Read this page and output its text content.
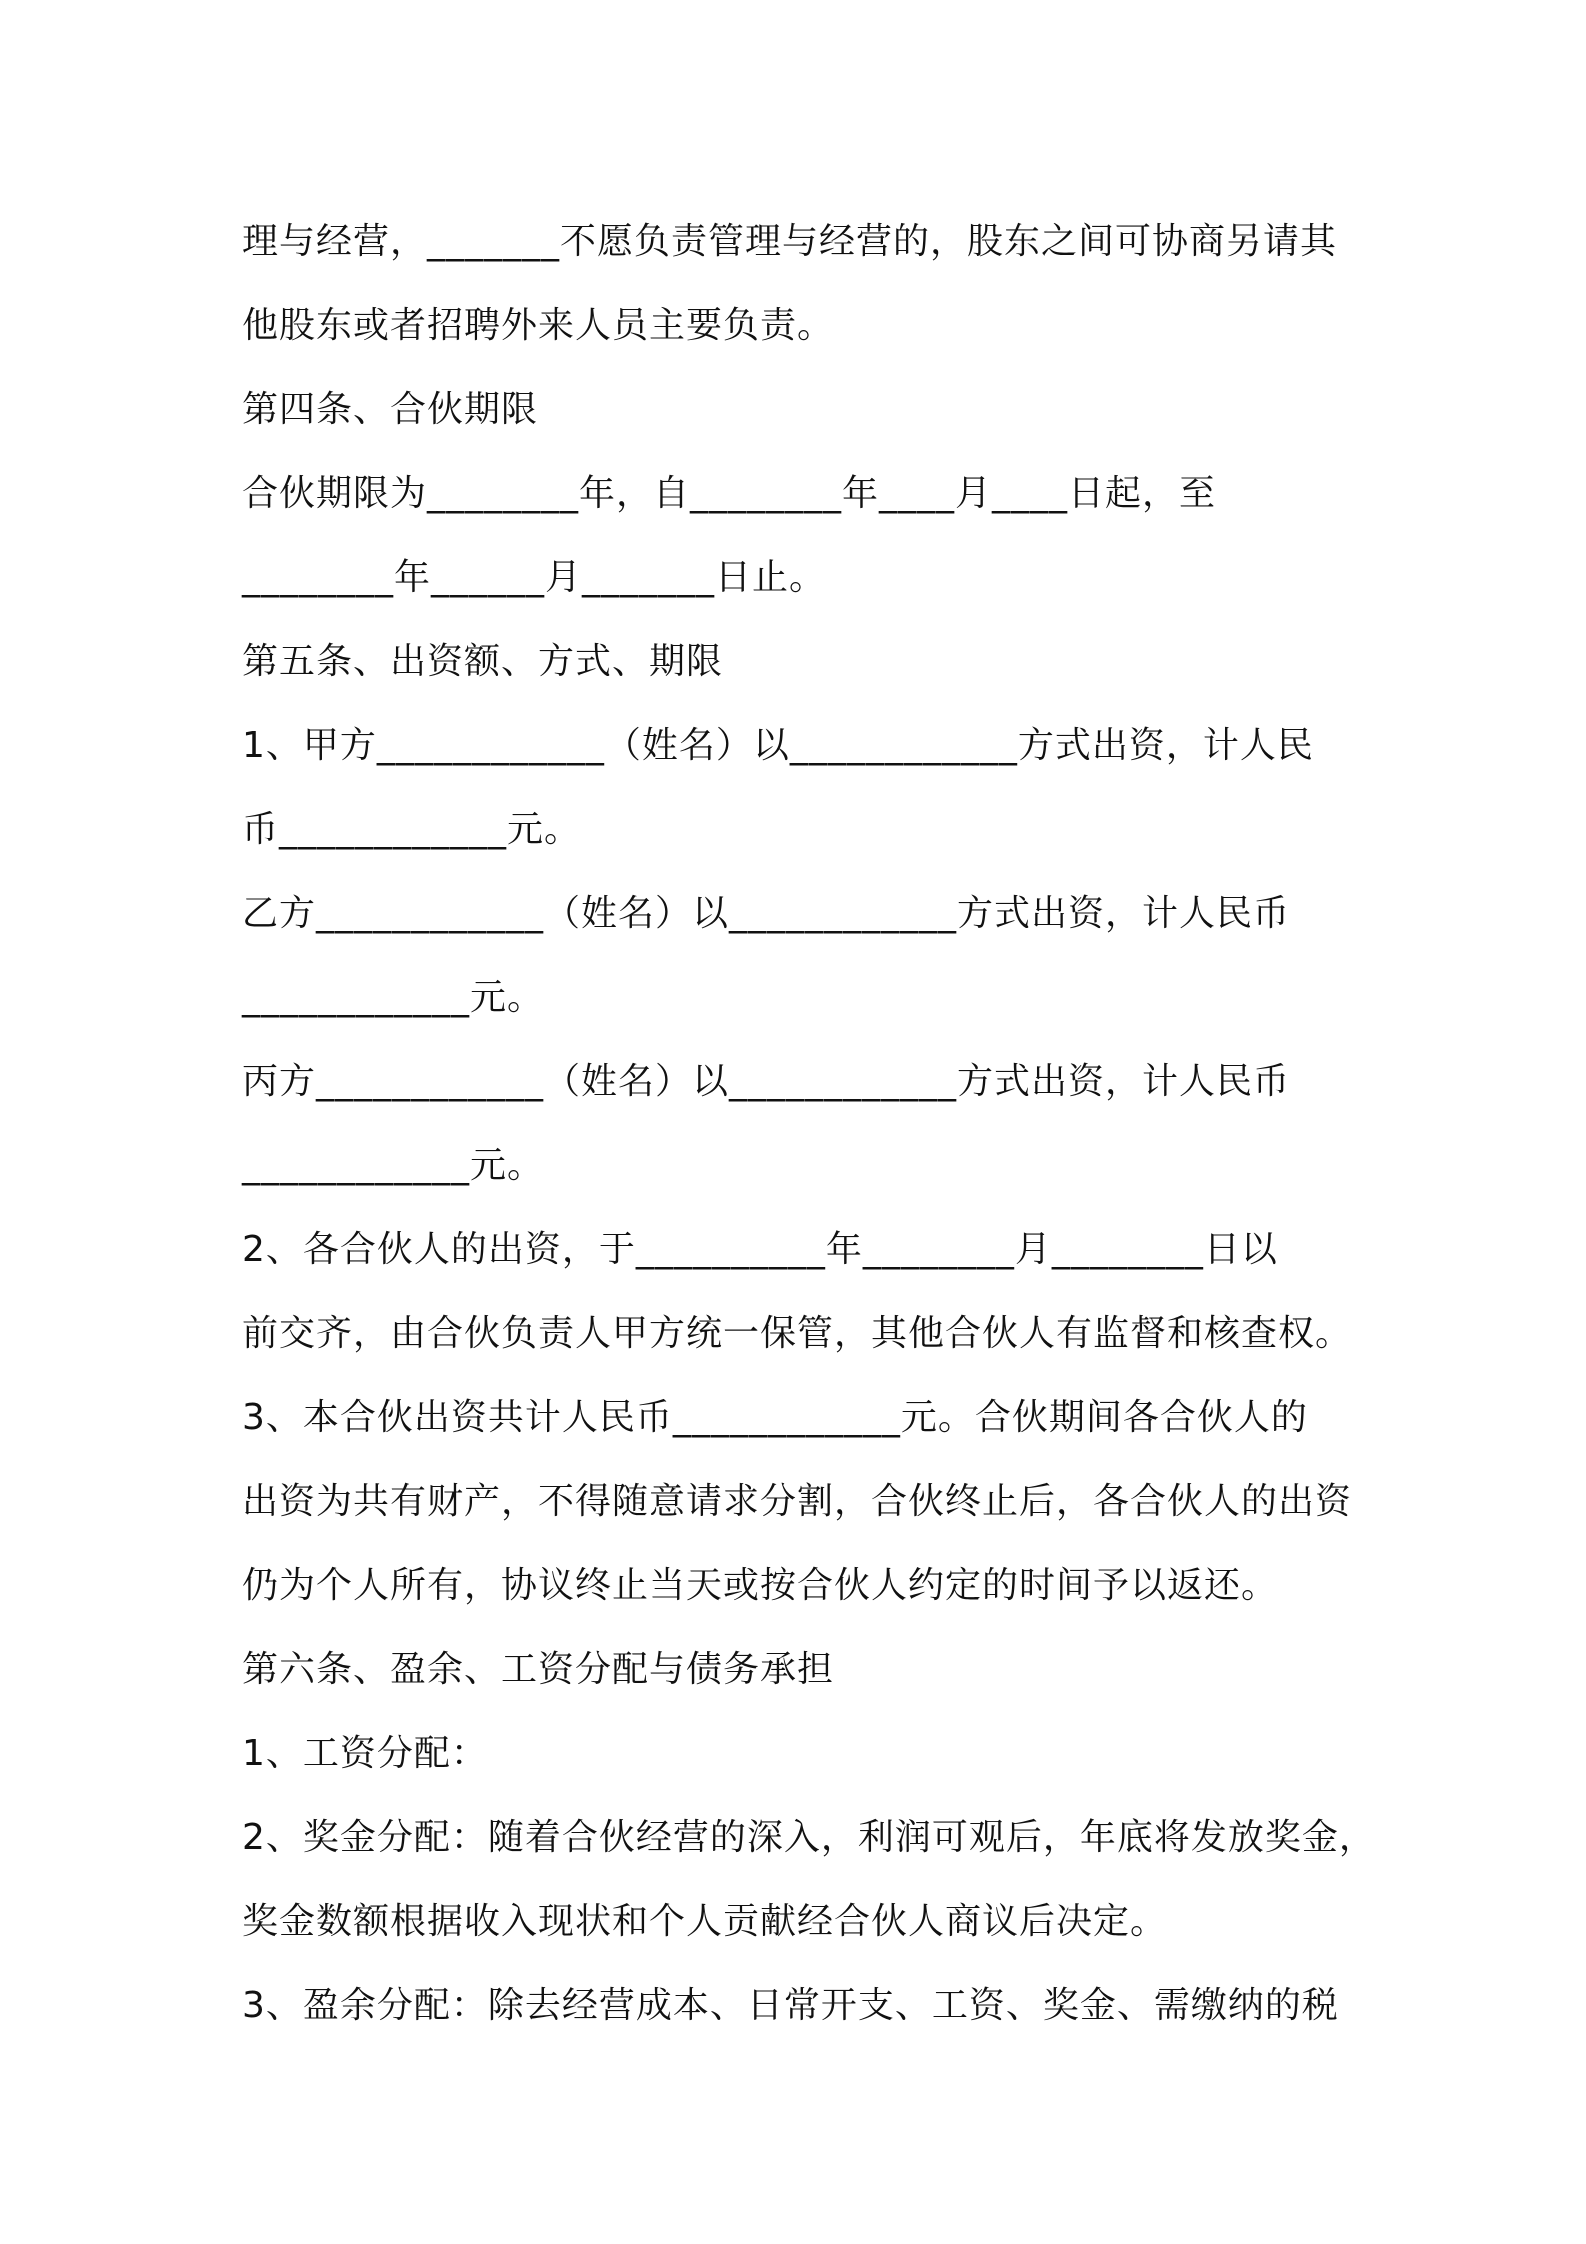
理与经营，_______不愿负责管理与经营的，股东之间可协商另请其
他股东或者招聘外来人员主要负责。
第四条、合伙期限
合伙期限为________年，自________年____月____日起，至
________年______月_______日止。
第五条、出资额、方式、期限
1、甲方____________（姓名）以____________方式出资，计人民
币____________元。
乙方____________（姓名）以____________方式出资，计人民币
____________元。
丙方____________（姓名）以____________方式出资，计人民币
____________元。
2、各合伙人的出资，于__________年________月________日以
前交齐，由合伙负责人甲方统一保管，其他合伙人有监督和核查权。
3、本合伙出资共计人民币____________元。合伙期间各合伙人的
出资为共有财产，不得随意请求分割，合伙终止后，各合伙人的出资
仍为个人所有，协议终止当天或按合伙人约定的时间予以返还。
第六条、盈余、工资分配与债务承担
1、工资分配：
2、奖金分配：随着合伙经营的深入，利润可观后，年底将发放奖金，
奖金数额根据收入现状和个人贡献经合伙人商议后决定。
3、盈余分配：除去经营成本、日常开支、工资、奖金、需缴纳的税
